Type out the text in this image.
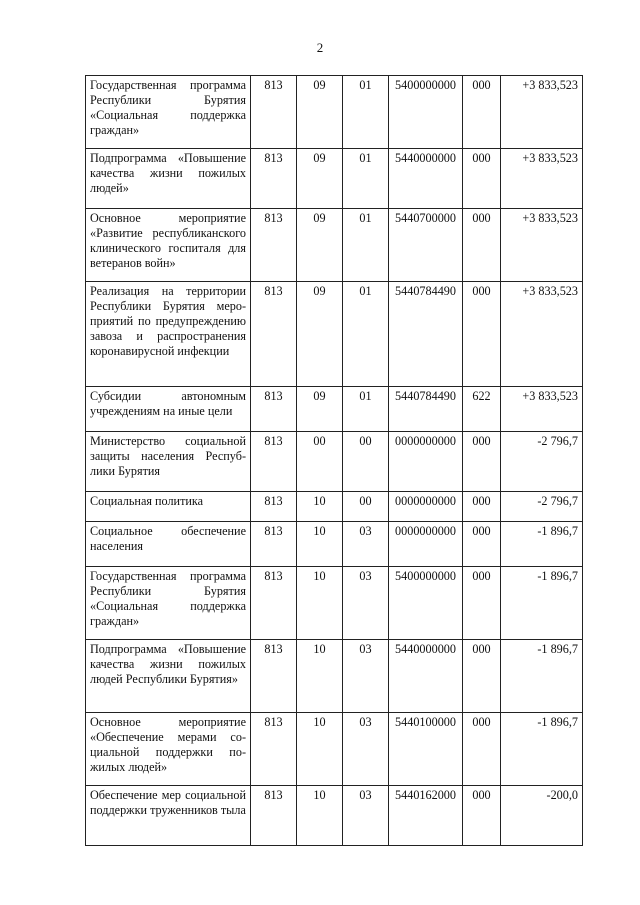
2
Государственная программа Республики Бурятия «Социальная поддержка граждан»	813	09	01	5400000000	000	+3 833,523
Подпрограмма «Повышение качества жизни пожилых людей»	813	09	01	5440000000	000	+3 833,523
Основное мероприятие «Развитие республиканского клинического госпиталя для ветеранов войн»	813	09	01	5440700000	000	+3 833,523
Реализация на территории Республики Бурятия мероприятий по предупреждению завоза и распространения коронавирусной инфекции	813	09	01	5440784490	000	+3 833,523
Субсидии автономным учреждениям на иные цели	813	09	01	5440784490	622	+3 833,523
Министерство социальной защиты населения Республики Бурятия	813	00	00	0000000000	000	-2 796,7
Социальная политика	813	10	00	0000000000	000	-2 796,7
Социальное обеспечение населения	813	10	03	0000000000	000	-1 896,7
Государственная программа Республики Бурятия «Социальная поддержка граждан»	813	10	03	5400000000	000	-1 896,7
Подпрограмма «Повышение качества жизни пожилых людей Республики Бурятия»	813	10	03	5440000000	000	-1 896,7
Основное мероприятие «Обеспечение мерами социальной поддержки пожилых людей»	813	10	03	5440100000	000	-1 896,7
Обеспечение мер социальной поддержки труженников тыла	813	10	03	5440162000	000	-200,0
